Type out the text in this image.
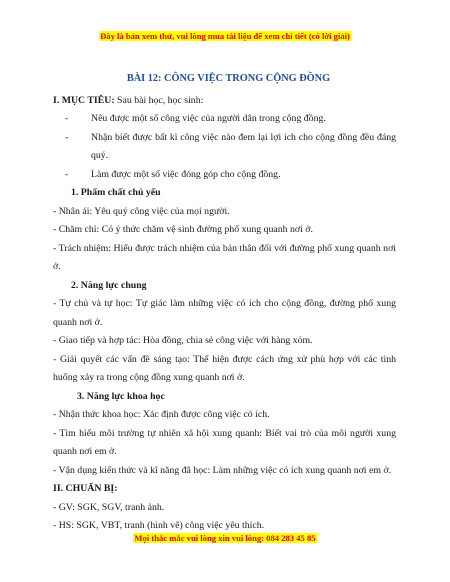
Đây là bản xem thử, vui lòng mua tài liệu để xem chi tiết (có lời giải)
BÀI 12: CÔNG VIỆC TRONG CỘNG ĐỒNG
I. MỤC TIÊU: Sau bài học, học sinh:
- Nêu được một số công việc của người dân trong cộng đồng.
- Nhận biết được bất kì công việc nào đem lại lợi ích cho cộng đồng đều đáng quý.
- Làm được một số việc đóng góp cho cộng đồng.
1. Phẩm chất chủ yếu
- Nhân ái: Yêu quý công việc của mọi người.
- Chăm chỉ: Có ý thức chăm vệ sinh đường phố xung quanh nơi ở.
- Trách nhiệm: Hiểu được trách nhiệm của bản thân đối với đường phố xung quanh nơi ở.
2. Năng lực chung
- Tự chủ và tự học: Tự giác làm những việc có ích cho cộng đồng, đường phố xung quanh nơi ở.
- Giao tiếp và hợp tác: Hòa đồng, chia sẻ công việc với hàng xóm.
- Giải quyết các vấn đề sáng tạo: Thể hiện được cách ứng xử phù hợp với các tình huống xảy ra trong cộng đồng xung quanh nơi ở.
3. Năng lực khoa học
- Nhận thức khoa học: Xác định được công việc có ích.
- Tìm hiểu môi trường tự nhiên xã hội xung quanh: Biết vai trò của môi người xung quanh nơi em ở.
- Vận dụng kiến thức và kĩ năng đã học: Làm những việc có ích xung quanh nơi em ở.
II. CHUẨN BỊ:
- GV: SGK, SGV, tranh ảnh.
- HS: SGK, VBT, tranh (hình vẽ) công việc yêu thích.
Mọi thắc mắc vui lòng xin vui lòng: 084 283 45 85
